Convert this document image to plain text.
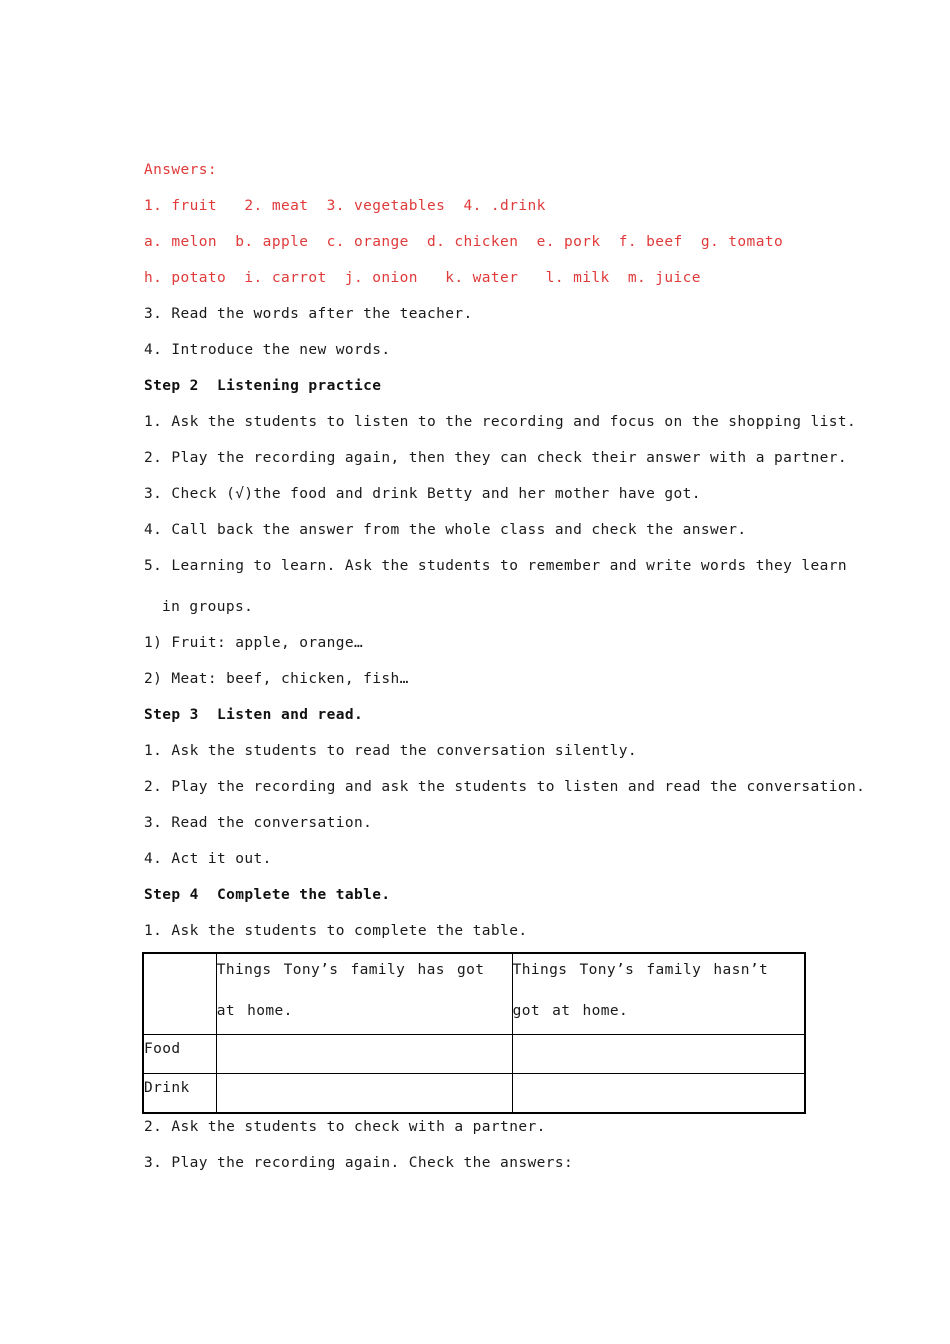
Answers:
1. fruit   2. meat  3. vegetables  4. .drink
a. melon  b. apple  c. orange  d. chicken  e. pork  f. beef  g. tomato
h. potato  i. carrot  j. onion   k. water   l. milk  m. juice
3. Read the words after the teacher.
4. Introduce the new words.
Step 2  Listening practice
1. Ask the students to listen to the recording and focus on the shopping list.
2. Play the recording again, then they can check their answer with a partner.
3. Check (√)the food and drink Betty and her mother have got.
4. Call back the answer from the whole class and check the answer.
5. Learning to learn. Ask the students to remember and write words they learn
in groups.
1) Fruit: apple, orange…
2) Meat: beef, chicken, fish…
Step 3  Listen and read.
1. Ask the students to read the conversation silently.
2. Play the recording and ask the students to listen and read the conversation.
3. Read the conversation.
4. Act it out.
Step 4  Complete the table.
1. Ask the students to complete the table.

	Things Tony’s family has got at home.	Things Tony’s family hasn’t got at home.

Food		

Drink		

2. Ask the students to check with a partner.
3. Play the recording again. Check the answers:
